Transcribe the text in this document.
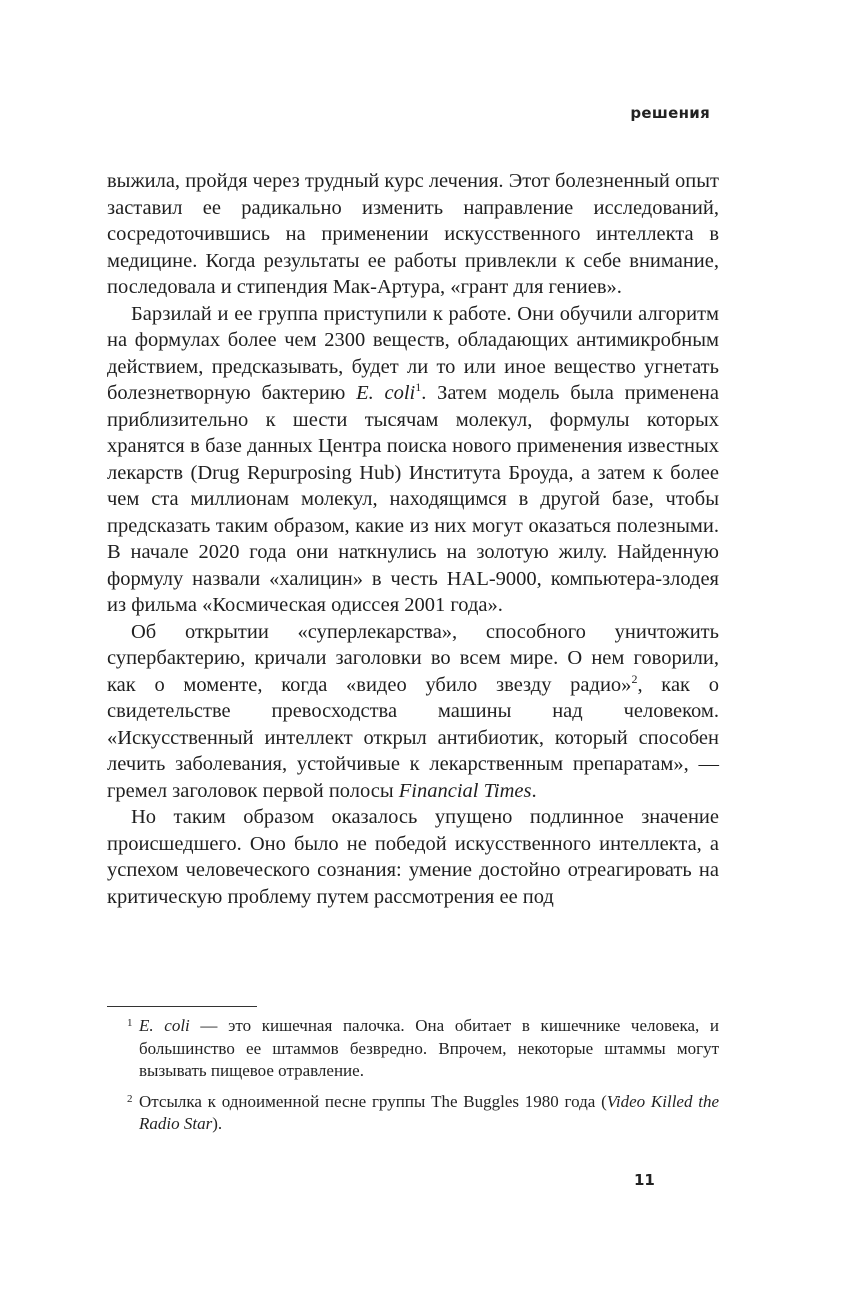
решения

выжила, пройдя через трудный курс лечения. Этот болезненный опыт заставил ее радикально изменить направление исследований, сосредоточившись на применении искусственного интеллекта в медицине. Когда результаты ее работы привлекли к себе внимание, последовала и стипендия Мак-Артура, «грант для гениев».

Барзилай и ее группа приступили к работе. Они обучили алгоритм на формулах более чем 2300 веществ, обладающих антимикробным действием, предсказывать, будет ли то или иное вещество угнетать болезнетворную бактерию E. coli$^1$. Затем модель была применена приблизительно к шести тысячам молекул, формулы которых хранятся в базе данных Центра поиска нового применения известных лекарств (Drug Repurposing Hub) Института Броуда, а затем к более чем ста миллионам молекул, находящимся в другой базе, чтобы предсказать таким образом, какие из них могут оказаться полезными. В начале 2020 года они наткнулись на золотую жилу. Найденную формулу назвали «халицин» в честь HAL-9000, компьютера-злодея из фильма «Космическая одиссея 2001 года».

Об открытии «суперлекарства», способного уничтожить супербактерию, кричали заголовки во всем мире. О нем говорили, как о моменте, когда «видео убило звезду радио»$^2$, как о свидетельстве превосходства машины над человеком. «Искусственный интеллект открыл антибиотик, который способен лечить заболевания, устойчивые к лекарственным препаратам», — гремел заголовок первой полосы Financial Times.

Но таким образом оказалось упущено подлинное значение происшедшего. Оно было не победой искусственного интеллекта, а успехом человеческого сознания: умение достойно отреагировать на критическую проблему путем рассмотрения ее под

1 E. coli — это кишечная палочка. Она обитает в кишечнике человека, и большинство ее штаммов безвредно. Впрочем, некоторые штаммы могут вызывать пищевое отравление.
2 Отсылка к одноименной песне группы The Buggles 1980 года (Video Killed the Radio Star).
11
